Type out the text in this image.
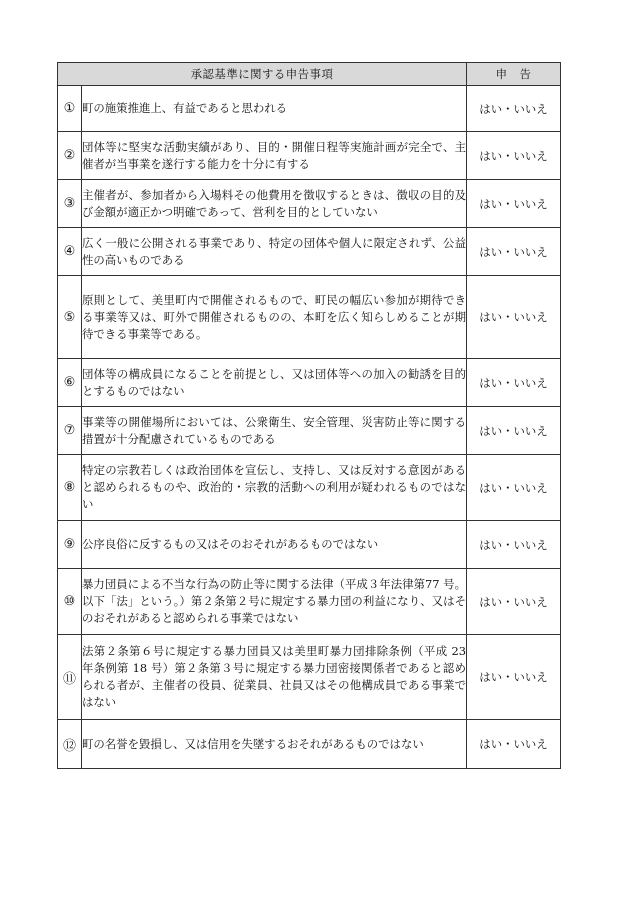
承認基準に関する申告事項		申　告
①	町の施策推進上、有益であると思われる	はい・いいえ
②	団体等に堅実な活動実績があり、目的・開催日程等実施計画が完全で、主催者が当事業を遂行する能力を十分に有する	はい・いいえ
③	主催者が、参加者から入場料その他費用を徴収するときは、徴収の目的及び金額が適正かつ明確であって、営利を目的としていない	はい・いいえ
④	広く一般に公開される事業であり、特定の団体や個人に限定されず、公益性の高いものである	はい・いいえ
⑤	原則として、美里町内で開催されるもので、町民の幅広い参加が期待できる事業等又は、町外で開催されるものの、本町を広く知らしめることが期待できる事業等である。	はい・いいえ
⑥	団体等の構成員になることを前提とし、又は団体等への加入の勧誘を目的とするものではない	はい・いいえ
⑦	事業等の開催場所においては、公衆衛生、安全管理、災害防止等に関する措置が十分配慮されているものである	はい・いいえ
⑧	特定の宗教若しくは政治団体を宣伝し、支持し、又は反対する意図があると認められるものや、政治的・宗教的活動への利用が疑われるものではない	はい・いいえ
⑨	公序良俗に反するもの又はそのおそれがあるものではない	はい・いいえ
⑩	暴力団員による不当な行為の防止等に関する法律（平成３年法律第77 号。以下「法」という。）第２条第２号に規定する暴力団の利益になり、又はそのおそれがあると認められる事業ではない	はい・いいえ
⑪	法第２条第６号に規定する暴力団員又は美里町暴力団排除条例（平成 23 年条例第 18 号）第２条第３号に規定する暴力団密接関係者であると認められる者が、主催者の役員、従業員、社員又はその他構成員である事業ではない	はい・いいえ
⑫	町の名誉を毀損し、又は信用を失墜するおそれがあるものではない	はい・いいえ
